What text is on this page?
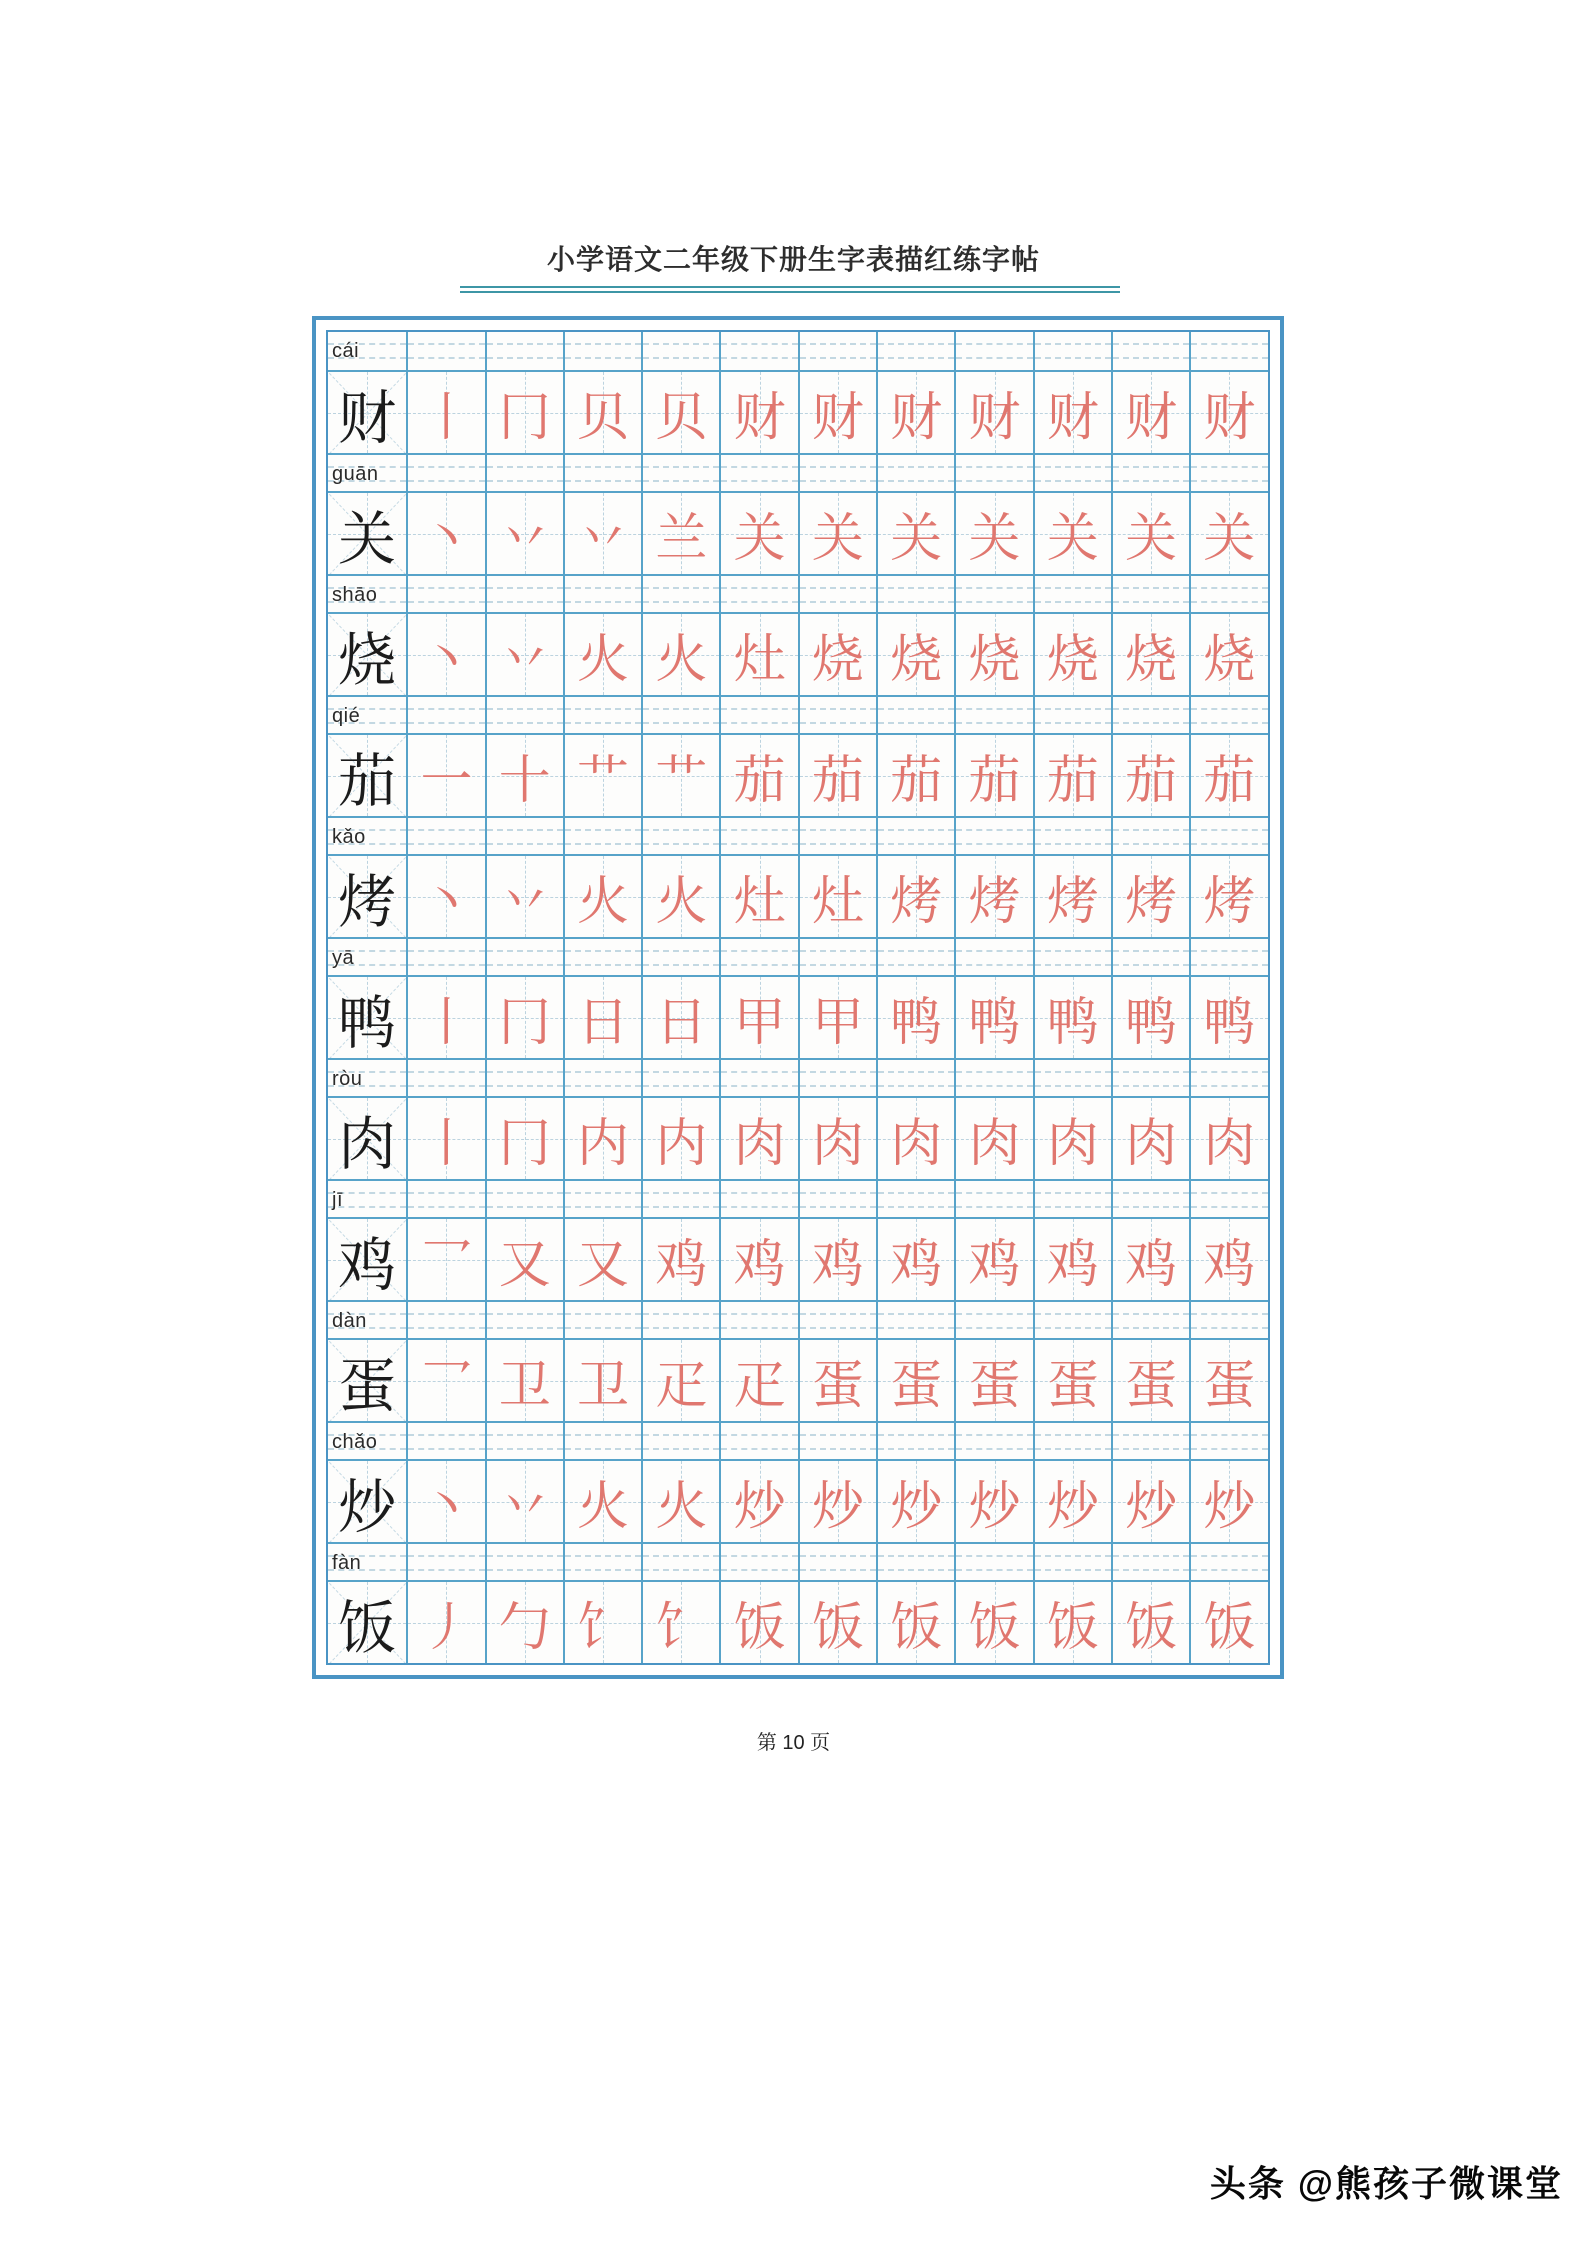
小学语文二年级下册生字表描红练字帖
cái
财 丨 冂 贝 贝 财 财 财 财 财 财 财
guān
关 丶 丷 丷 兰 关 关 关 关 关 关 关
shāo
烧 丶 丷 火 火 灶 烧 烧 烧 烧 烧 烧
qié
茄 一 十 艹 艹 茄 茄 茄 茄 茄 茄 茄
kǎo
烤 丶 丷 火 火 灶 灶 烤 烤 烤 烤 烤
yā
鸭 丨 冂 日 日 甲 甲 鸭 鸭 鸭 鸭 鸭
ròu
肉 丨 冂 内 内 肉 肉 肉 肉 肉 肉 肉
jī
鸡 乛 又 又 鸡 鸡 鸡 鸡 鸡 鸡 鸡 鸡
dàn
蛋 乛 卫 卫 疋 疋 蛋 蛋 蛋 蛋 蛋 蛋
chǎo
炒 丶 丷 火 火 炒 炒 炒 炒 炒 炒 炒
fàn
饭 丿 勹 饣 饣 饭 饭 饭 饭 饭 饭 饭
第 10 页
头条 @熊孩子微课堂
